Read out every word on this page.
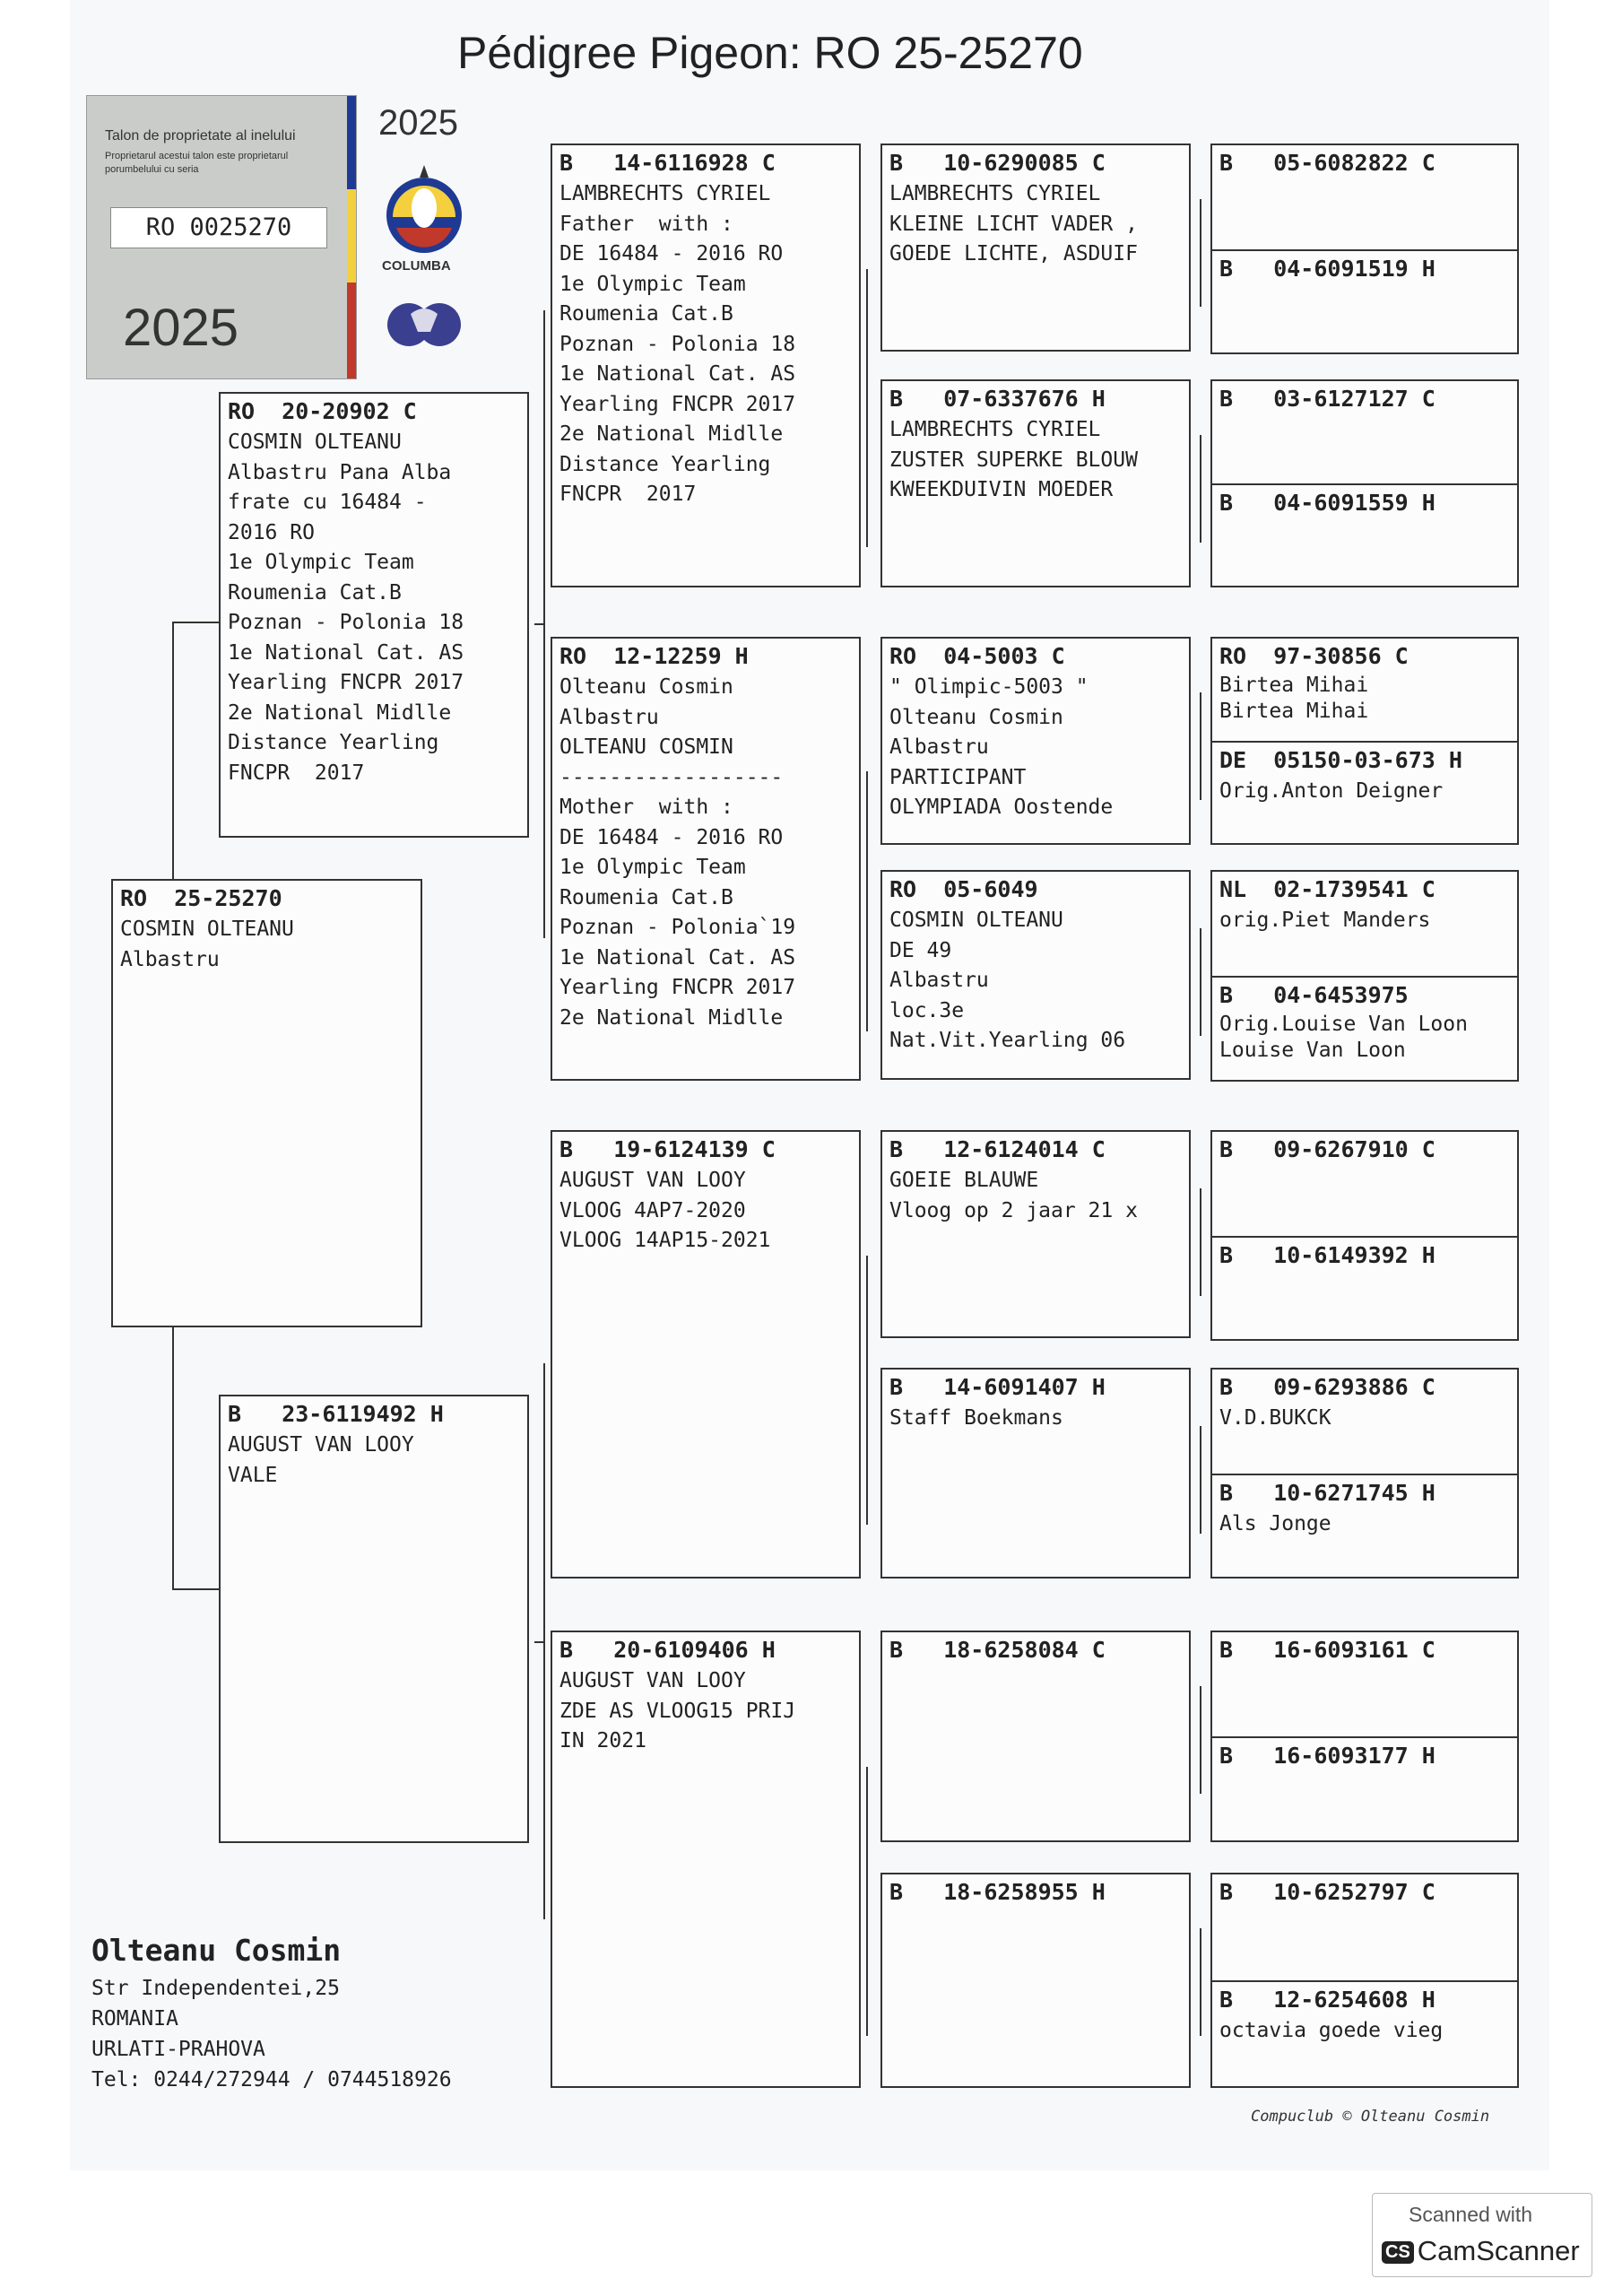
Pédigree Pigeon: RO 25-25270
Talon de proprietate al inelului
Proprietarul acestui talon este proprietarul porumbelului cu seria
RO 0025270
2025
2025
COLUMBA
RO  25-25270
COSMIN OLTEANU
Albastru
RO  20-20902 C
COSMIN OLTEANU
Albastru Pana Alba
frate cu 16484 -
2016 RO
1e Olympic Team
Roumenia Cat.B
Poznan - Polonia 18
1e National Cat. AS
Yearling FNCPR 2017
2e National Midlle
Distance Yearling
FNCPR  2017
B   23-6119492 H
AUGUST VAN LOOY
VALE
B   14-6116928 C
LAMBRECHTS CYRIEL
Father  with :
DE 16484 - 2016 RO
1e Olympic Team
Roumenia Cat.B
Poznan - Polonia 18
1e National Cat. AS
Yearling FNCPR 2017
2e National Midlle
Distance Yearling
FNCPR  2017
RO  12-12259 H
Olteanu Cosmin
Albastru
OLTEANU COSMIN
------------------
Mother  with :
DE 16484 - 2016 RO
1e Olympic Team
Roumenia Cat.B
Poznan - Polonia`19
1e National Cat. AS
Yearling FNCPR 2017
2e National Midlle
B   19-6124139 C
AUGUST VAN LOOY
VLOOG 4AP7-2020
VLOOG 14AP15-2021
B   20-6109406 H
AUGUST VAN LOOY
ZDE AS VLOOG15 PRIJ
IN 2021
B   10-6290085 C
LAMBRECHTS CYRIEL
KLEINE LICHT VADER ,
GOEDE LICHTE, ASDUIF
B   07-6337676 H
LAMBRECHTS CYRIEL
ZUSTER SUPERKE BLOUW
KWEEKDUIVIN MOEDER
RO  04-5003 C
" Olimpic-5003 "
Olteanu Cosmin
Albastru
PARTICIPANT
OLYMPIADA Oostende
RO  05-6049
COSMIN OLTEANU
DE 49
Albastru
loc.3e
Nat.Vit.Yearling 06
B   12-6124014 C
GOEIE BLAUWE
Vloog op 2 jaar 21 x
B   14-6091407 H
Staff Boekmans
B   18-6258084 C
B   18-6258955 H
B   05-6082822 C
B   04-6091519 H
B   03-6127127 C
B   04-6091559 H
RO  97-30856 C
Birtea Mihai
Birtea Mihai
DE  05150-03-673 H
Orig.Anton Deigner
NL  02-1739541 C
orig.Piet Manders
B   04-6453975
Orig.Louise Van Loon
Louise Van Loon
B   09-6267910 C
B   10-6149392 H
B   09-6293886 C
V.D.BUKCK
B   10-6271745 H
Als Jonge
B   16-6093161 C
B   16-6093177 H
B   10-6252797 C
B   12-6254608 H
octavia goede vieg
Olteanu Cosmin
Str Independentei,25
ROMANIA
URLATI-PRAHOVA
Tel: 0244/272944 / 0744518926
Compuclub © Olteanu Cosmin
Scanned with
CS CamScanner
